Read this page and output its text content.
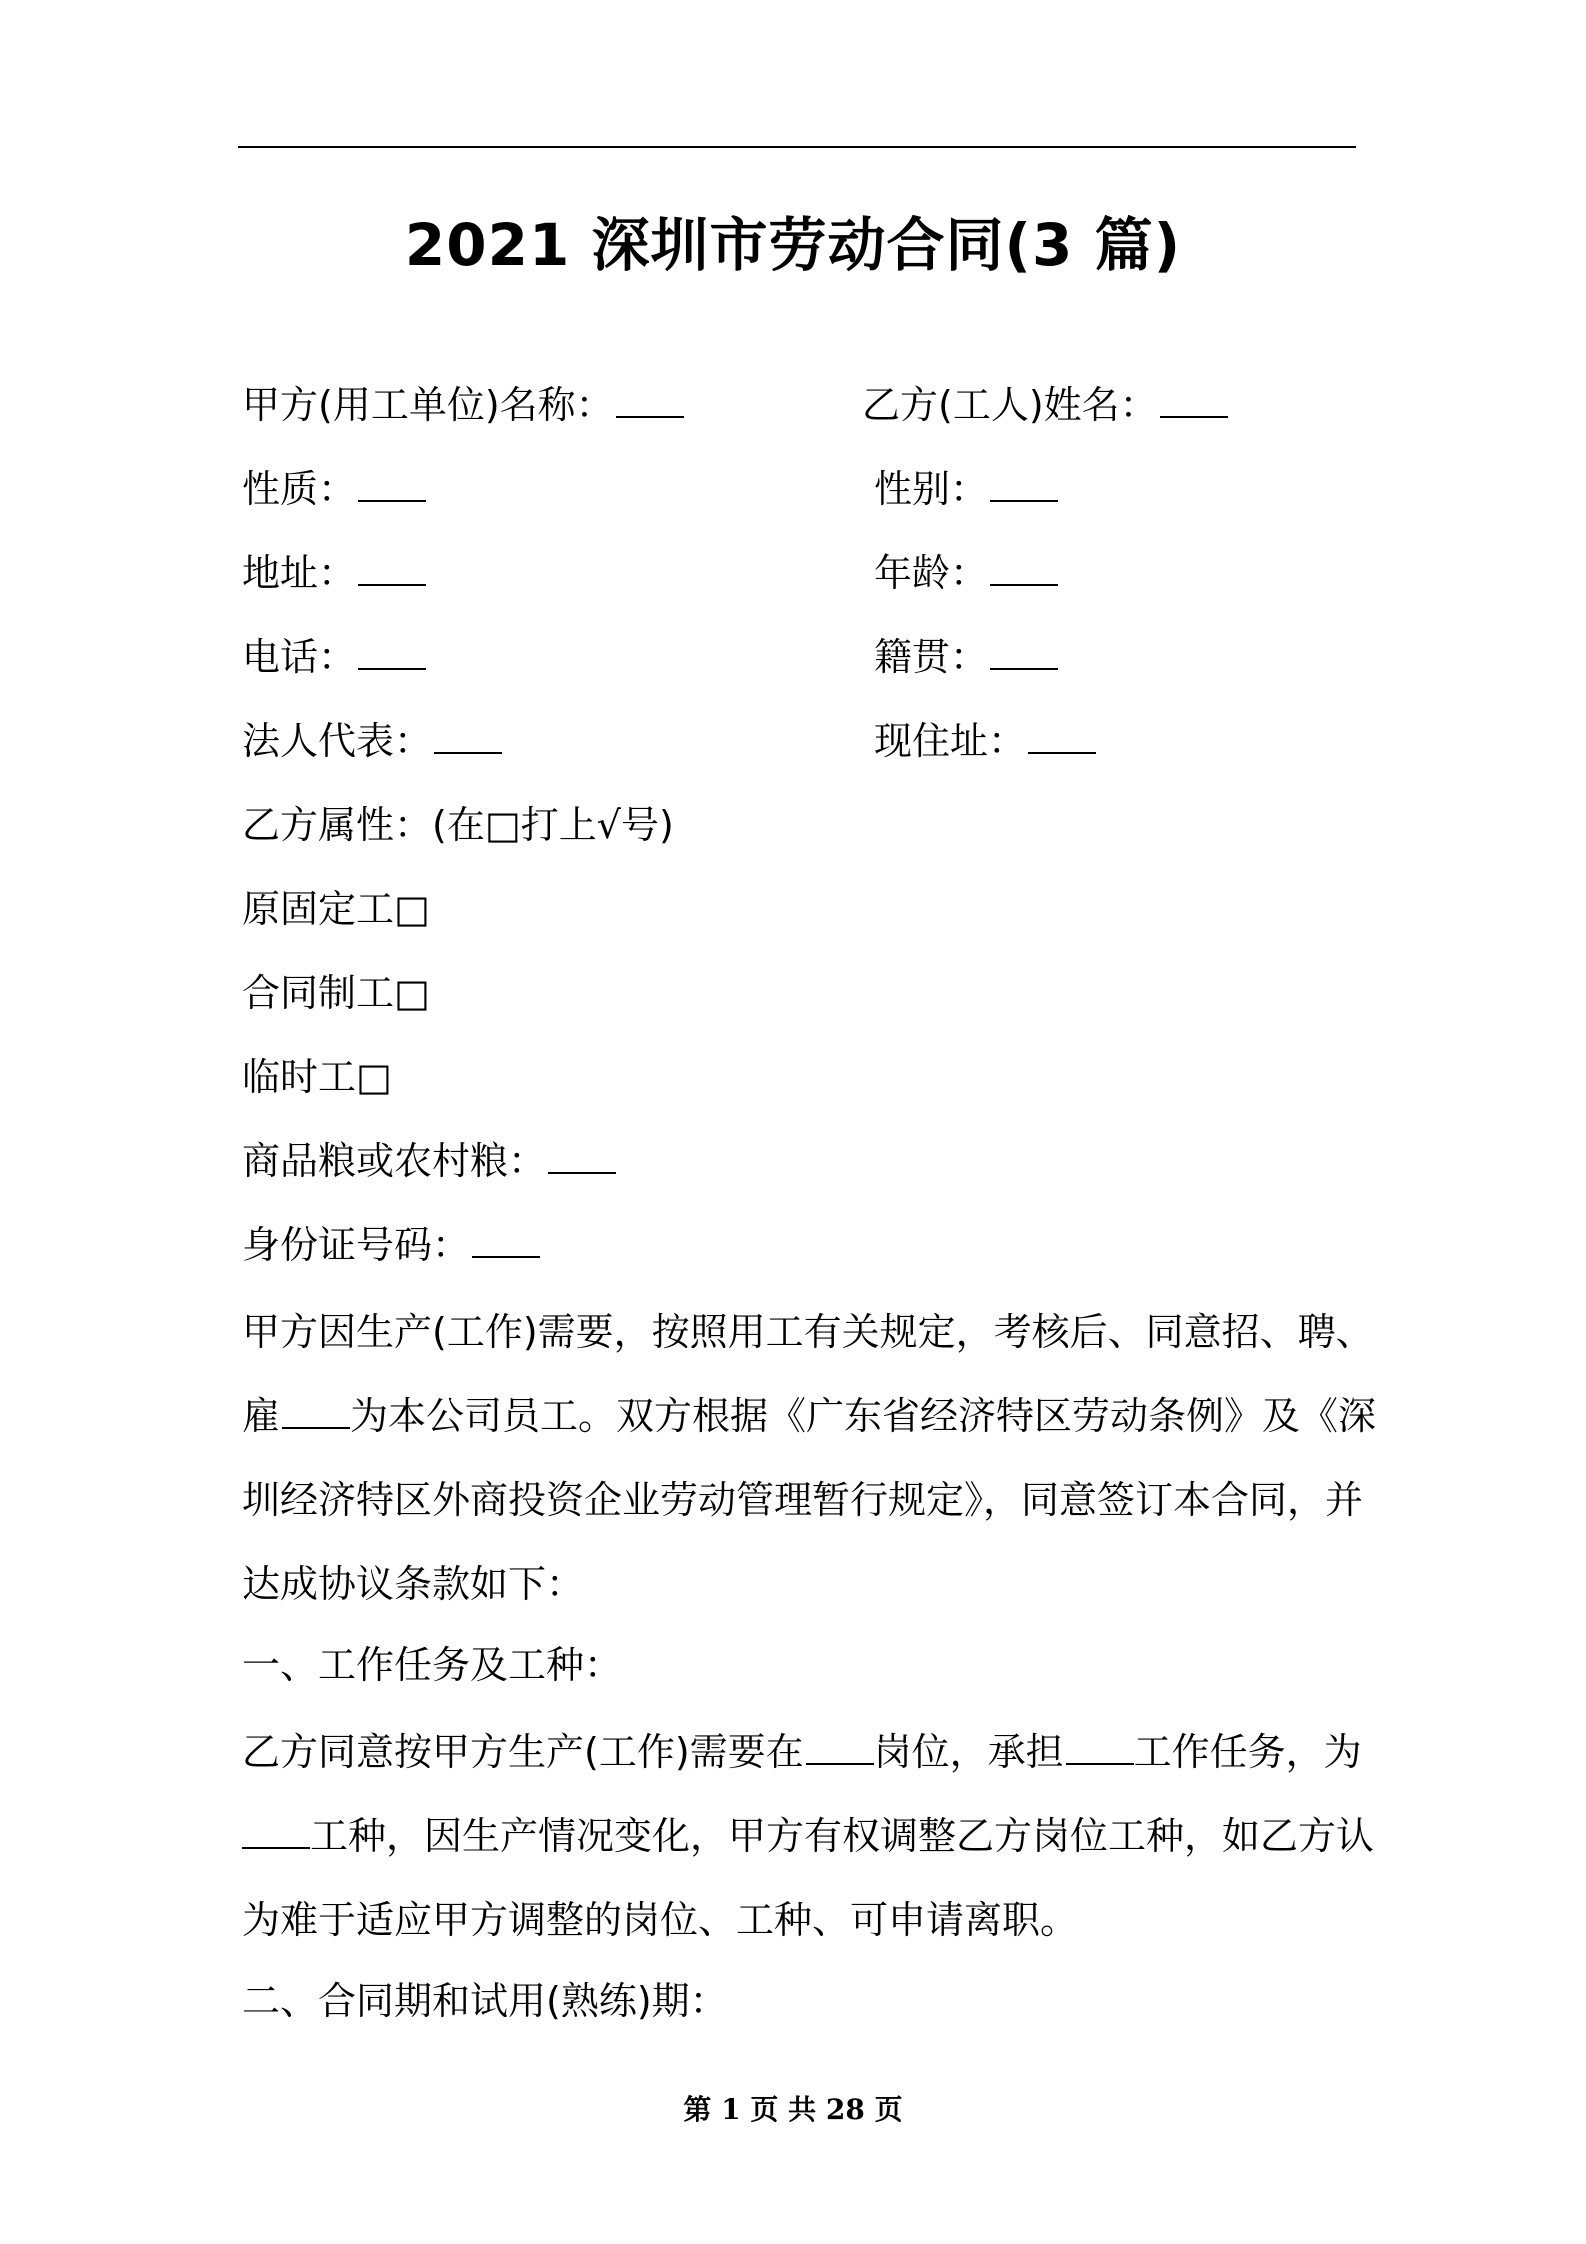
2021 深圳市劳动合同(3 篇)
甲方(用工单位)名称：
性质：
地址：
电话：
法人代表：
乙方(工人)姓名：
性别：
年龄：
籍贯：
现住址：
乙方属性：(在□打上√号)
原固定工□
合同制工□
临时工□
商品粮或农村粮：
身份证号码：
甲方因生产(工作)需要，按照用工有关规定，考核后、同意招、聘、
雇 为本公司员工。双方根据《广东省经济特区劳动条例》及《深
圳经济特区外商投资企业劳动管理暂行规定》，同意签订本合同，并
达成协议条款如下：
一、工作任务及工种：
乙方同意按甲方生产(工作)需要在 岗位，承担 工作任务，为
工种，因生产情况变化，甲方有权调整乙方岗位工种，如乙方认
为难于适应甲方调整的岗位、工种、可申请离职。
二、合同期和试用(熟练)期：
第 1 页 共 28 页
